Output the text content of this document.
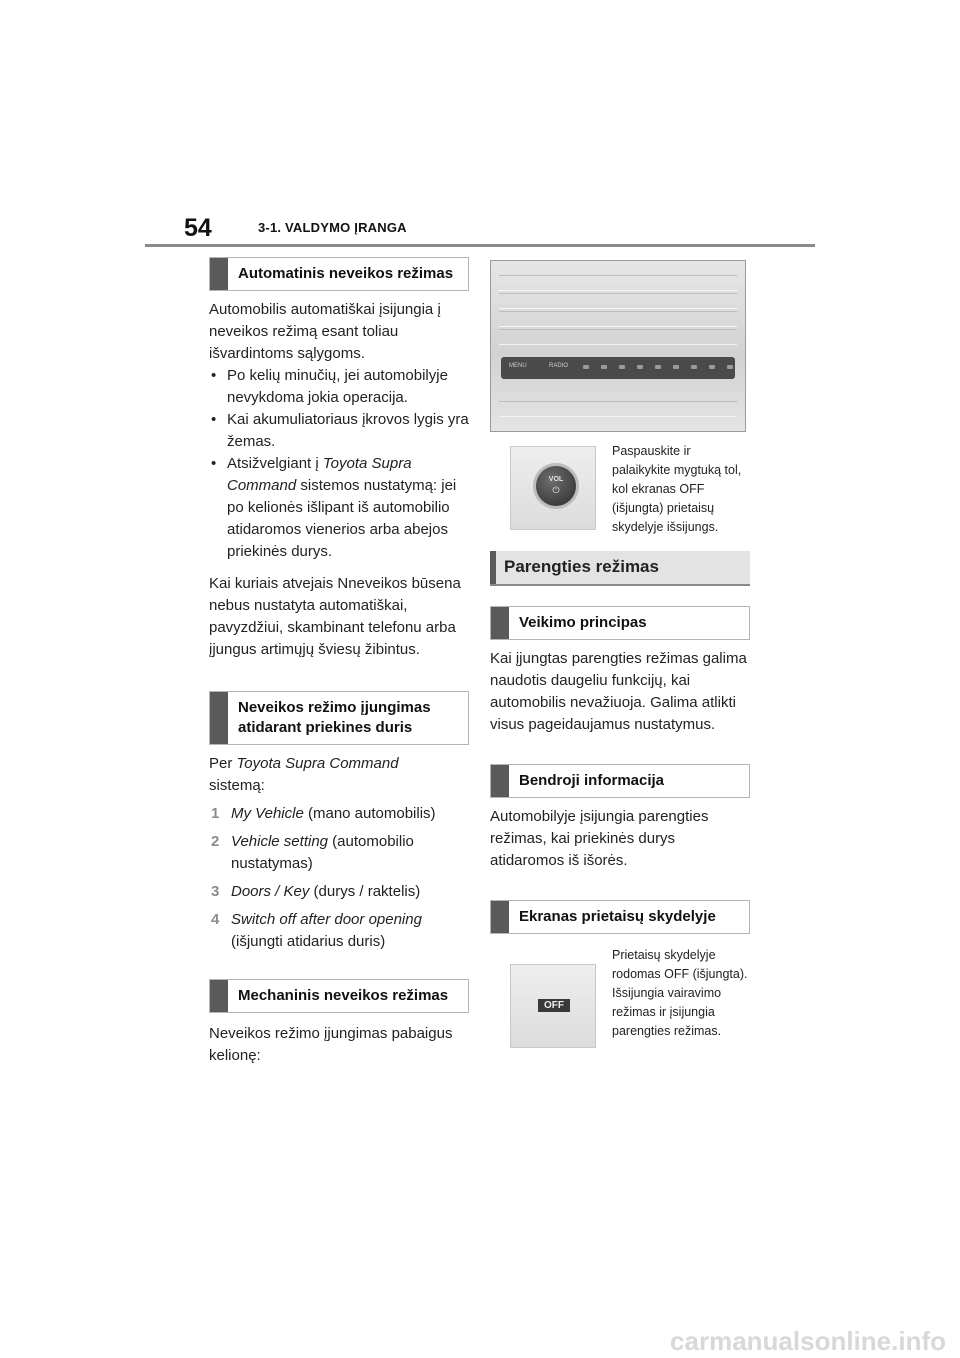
54	3-1. VALDYMO ĮRANGA
Automatinis neveikos režimas

Automobilis automatiškai įsijungia į neveikos režimą esant toliau išvardintoms sąlygoms.

• Po kelių minučių, jei automobilyje nevykdoma jokia operacija.
• Kai akumuliatoriaus įkrovos lygis yra žemas.
• Atsižvelgiant į Toyota Supra Command sistemos nustatymą: jei po kelionės išlipant iš automobilio atidaromos vienerios arba abejos priekinės durys.

Kai kuriais atvejais Nneveikos būsena nebus nustatyta automatiškai, pavyzdžiui, skambinant telefonu arba įjungus artimųjų šviesų žibintus.

Neveikos režimo įjungimas atidarant priekines duris

Per Toyota Supra Command
sistemą:

1 My Vehicle (mano automobilis)
2 Vehicle setting (automobilio nustatymas)
3 Doors / Key (durys / raktelis)
4 Switch off after door opening (išjungti atidarius duris)
Mechaninis neveikos režimas

Neveikos režimo įjungimas pabaigus kelionę:

MENU	RADIO
VOL
⏻
Paspauskite ir palaikykite mygtuką tol, kol ekranas OFF (išjungta) prietaisų skydelyje išsijungs.
Parengties režimas
Veikimo principas

Kai įjungtas parengties režimas galima naudotis daugeliu funkcijų, kai automobilis nevažiuoja. Galima atlikti visus pageidaujamus nustatymus.

Bendroji informacija

Automobilyje įsijungia parengties režimas, kai priekinės durys atidaromos iš išorės.

Ekranas prietaisų skydelyje
OFF
Prietaisų skydelyje rodomas OFF (išjungta). Išsijungia vairavimo režimas ir įsijungia parengties režimas.
carmanualsonline.info
